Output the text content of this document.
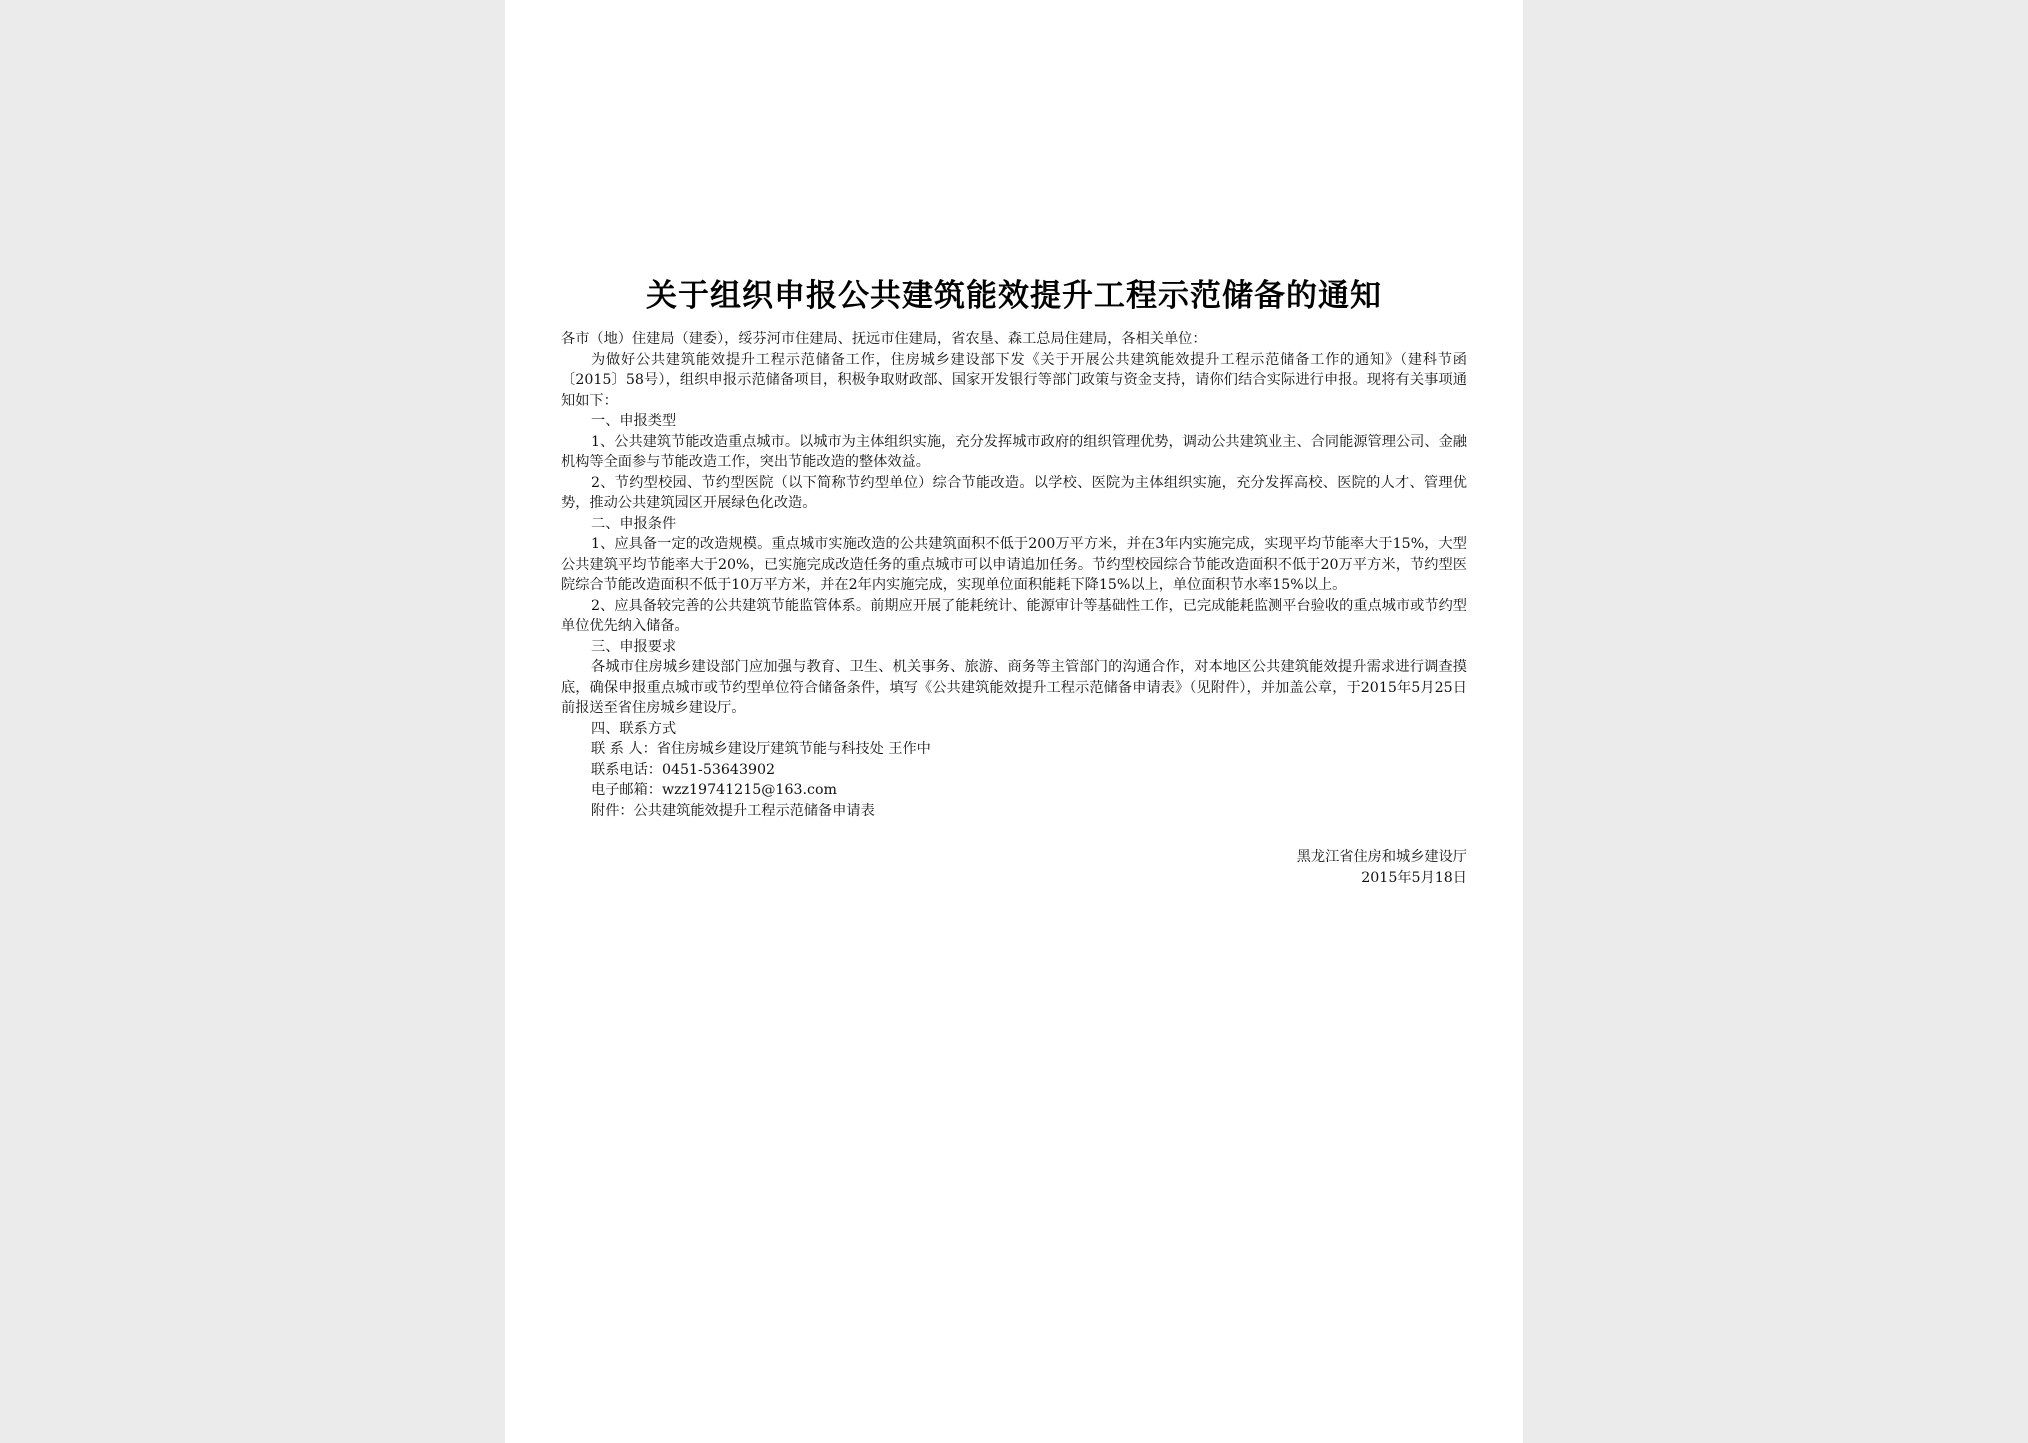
关于组织申报公共建筑能效提升工程示范储备的通知

各市（地）住建局（建委），绥芬河市住建局、抚远市住建局，省农垦、森工总局住建局，各相关单位：

为做好公共建筑能效提升工程示范储备工作，住房城乡建设部下发《关于开展公共建筑能效提升工程示范储备工作的通知》（建科节函〔2015〕58号），组织申报示范储备项目，积极争取财政部、国家开发银行等部门政策与资金支持，请你们结合实际进行申报。现将有关事项通知如下：

一、申报类型

1、公共建筑节能改造重点城市。以城市为主体组织实施，充分发挥城市政府的组织管理优势，调动公共建筑业主、合同能源管理公司、金融机构等全面参与节能改造工作，突出节能改造的整体效益。

2、节约型校园、节约型医院（以下简称节约型单位）综合节能改造。以学校、医院为主体组织实施，充分发挥高校、医院的人才、管理优势，推动公共建筑园区开展绿色化改造。

二、申报条件

1、应具备一定的改造规模。重点城市实施改造的公共建筑面积不低于200万平方米，并在3年内实施完成，实现平均节能率大于15%，大型公共建筑平均节能率大于20%，已实施完成改造任务的重点城市可以申请追加任务。节约型校园综合节能改造面积不低于20万平方米，节约型医院综合节能改造面积不低于10万平方米，并在2年内实施完成，实现单位面积能耗下降15%以上，单位面积节水率15%以上。

2、应具备较完善的公共建筑节能监管体系。前期应开展了能耗统计、能源审计等基础性工作，已完成能耗监测平台验收的重点城市或节约型单位优先纳入储备。

三、申报要求

各城市住房城乡建设部门应加强与教育、卫生、机关事务、旅游、商务等主管部门的沟通合作，对本地区公共建筑能效提升需求进行调查摸底，确保申报重点城市或节约型单位符合储备条件，填写《公共建筑能效提升工程示范储备申请表》（见附件），并加盖公章，于2015年5月25日前报送至省住房城乡建设厅。

四、联系方式

联 系 人：省住房城乡建设厅建筑节能与科技处 王作中

联系电话：0451-53643902

电子邮箱：wzz19741215@163.com

附件：公共建筑能效提升工程示范储备申请表

黑龙江省住房和城乡建设厅
2015年5月18日
